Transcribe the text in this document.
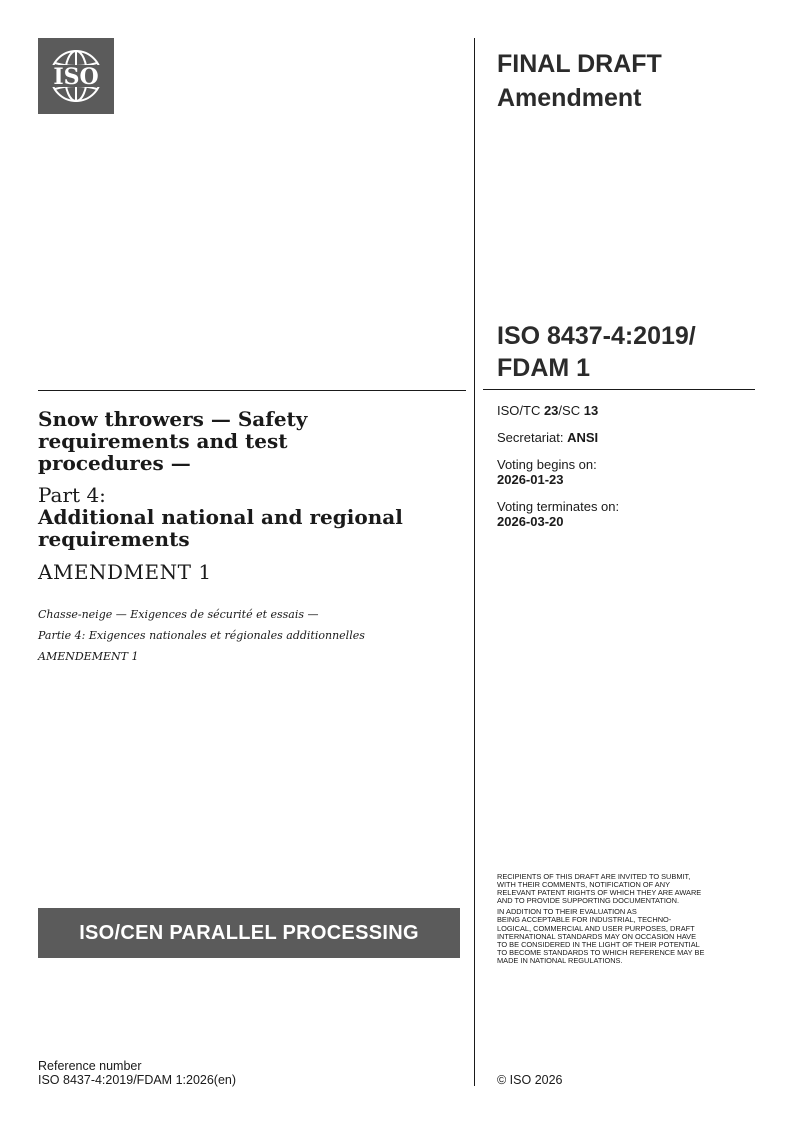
ISO	FINAL DRAFT
Amendment
ISO 8437-4:2019/
FDAM 1
ISO/TC 23/SC 13
Secretariat: ANSI
Voting begins on:
2026-01-23
Voting terminates on:
2026-03-20
Snow throwers — Safety
requirements and test
procedures —
Part 4:
Additional national and regional
requirements
AMENDMENT 1
Chasse-neige — Exigences de sécurité et essais —
Partie 4: Exigences nationales et régionales additionnelles
AMENDEMENT 1
ISO/CEN PARALLEL PROCESSING

RECIPIENTS OF THIS DRAFT ARE INVITED TO SUBMIT,
WITH THEIR COMMENTS, NOTIFICATION OF ANY
RELEVANT PATENT RIGHTS OF WHICH THEY ARE AWARE
AND TO PROVIDE SUPPORTING DOCUMENTATION.

IN ADDITION TO THEIR EVALUATION AS
BEING ACCEPTABLE FOR INDUSTRIAL, TECHNO-
LOGICAL, COMMERCIAL AND USER PURPOSES, DRAFT
INTERNATIONAL STANDARDS MAY ON OCCASION HAVE
TO BE CONSIDERED IN THE LIGHT OF THEIR POTENTIAL
TO BECOME STANDARDS TO WHICH REFERENCE MAY BE
MADE IN NATIONAL REGULATIONS.

Reference number
ISO 8437-4:2019/FDAM 1:2026(en)	© ISO 2026
